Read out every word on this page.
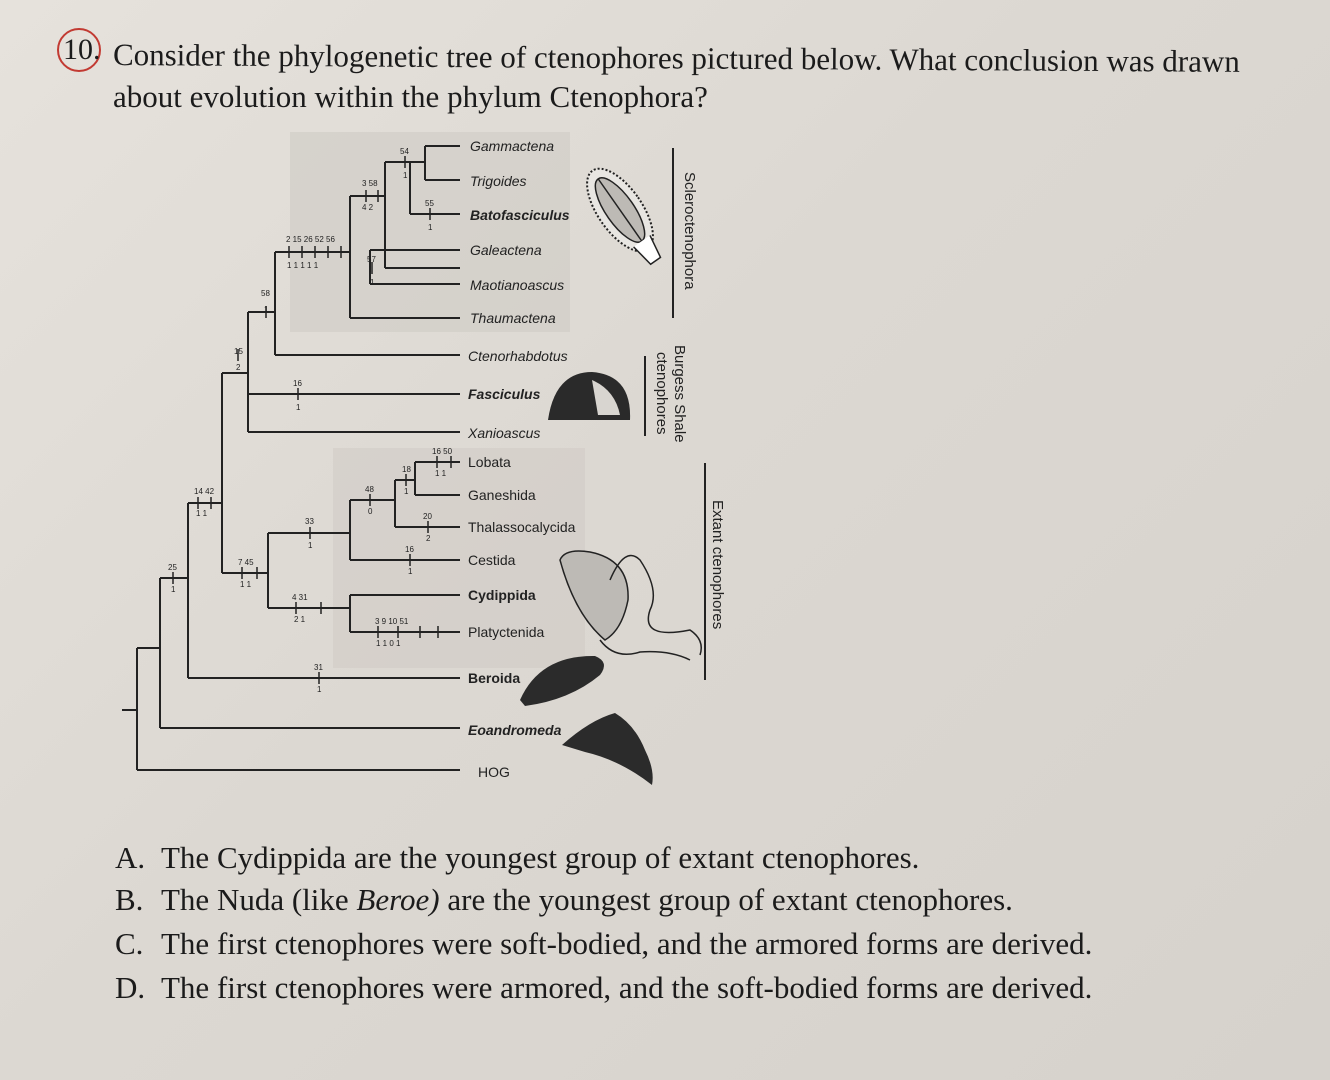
10. Consider the phylogenetic tree of ctenophores pictured below. What conclusion was drawn
about evolution within the phylum Ctenophora?
54
1
3 58
4 2	55
1
57
1
2 15 26 52 56
1 1 1 1 1
58
1
15
2
16
1
14 42
1 1
25
1
7 45
1 1
33
1
48
0
18
1
16 50
1 1
20
2
16
1
4 31
2 1	3 9 10 51
1 1 0 1
31
1
Gammactena
Trigoides
Batofasciculus
Galeactena
Maotianoascus
Thaumactena
Ctenorhabdotus
Fasciculus
Xanioascus
Lobata
Ganeshida
Thalassocalycida
Cestida
Cydippida
Platyctenida
Beroida
Eoandromeda
HOG
Scleroctenophora
Burgess Shale
ctenophores
Extant ctenophores
A. The Cydippida are the youngest group of extant ctenophores.
B. The Nuda (like Beroe) are the youngest group of extant ctenophores.
C. The first ctenophores were soft-bodied, and the armored forms are derived.
D. The first ctenophores were armored, and the soft-bodied forms are derived.
